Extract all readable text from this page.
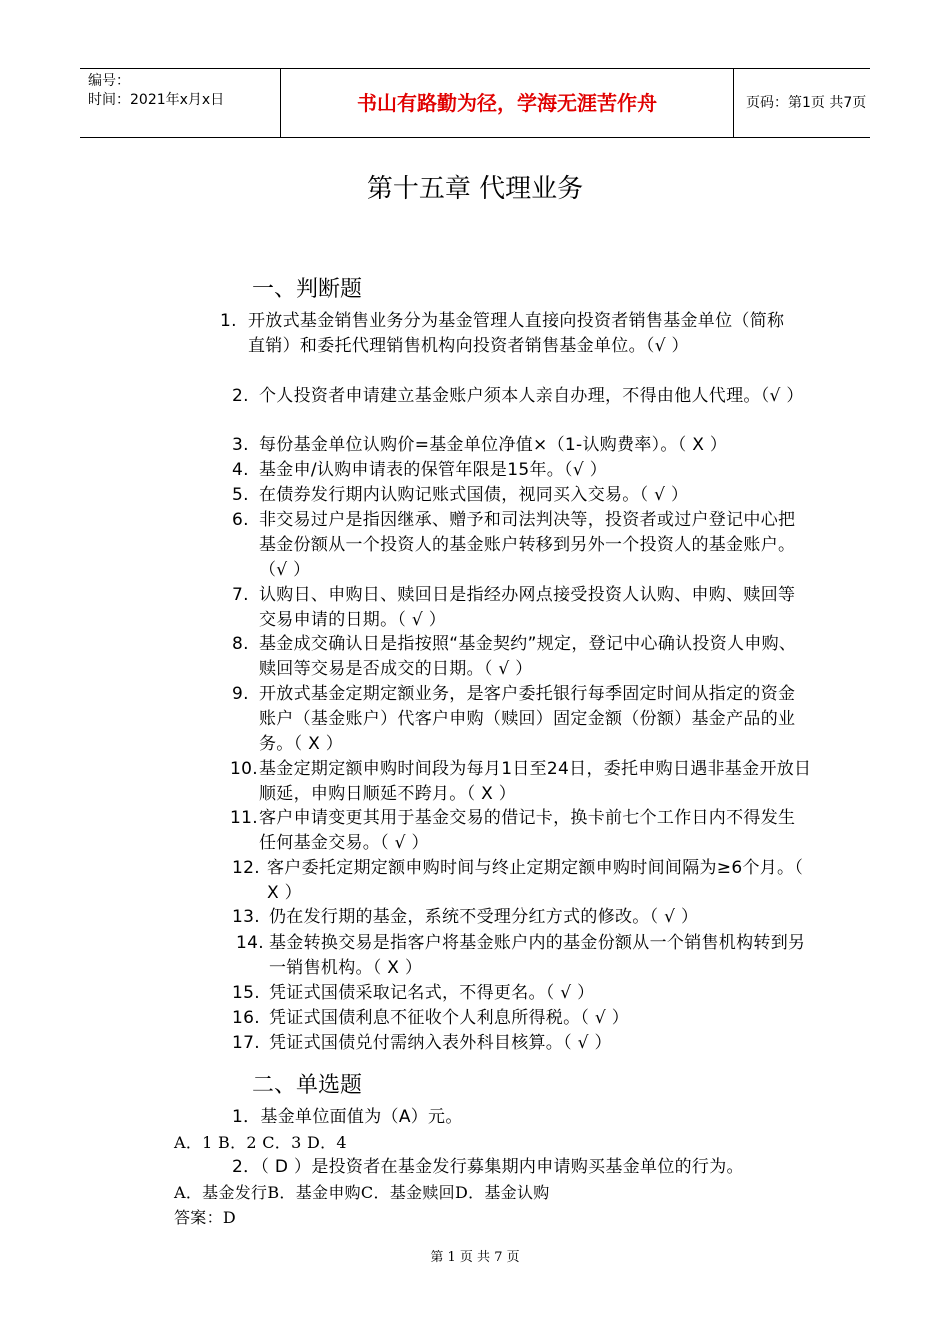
编号：
时间：2021年x月x日	书山有路勤为径，学海无涯苦作舟	页码：第1页 共7页
第十五章 代理业务
一、判断题
1. 开放式基金销售业务分为基金管理人直接向投资者销售基金单位（简称直销）和委托代理销售机构向投资者销售基金单位。（√ ）
2. 个人投资者申请建立基金账户须本人亲自办理，不得由他人代理。（√ ）
3. 每份基金单位认购价=基金单位净值×（1-认购费率）。（ X ）
4. 基金申/认购申请表的保管年限是15年。（√ ）
5. 在债券发行期内认购记账式国债，视同买入交易。（ √ ）
6. 非交易过户是指因继承、赠予和司法判决等，投资者或过户登记中心把基金份额从一个投资人的基金账户转移到另外一个投资人的基金账户。（√ ）
7. 认购日、申购日、赎回日是指经办网点接受投资人认购、申购、赎回等交易申请的日期。（ √ ）
8. 基金成交确认日是指按照“基金契约”规定，登记中心确认投资人申购、赎回等交易是否成交的日期。（ √ ）
9. 开放式基金定期定额业务，是客户委托银行每季固定时间从指定的资金账户（基金账户）代客户申购（赎回）固定金额（份额）基金产品的业务。（ X ）
10. 基金定期定额申购时间段为每月1日至24日，委托申购日遇非基金开放日顺延，申购日顺延不跨月。（ X ）
11. 客户申请变更其用于基金交易的借记卡，换卡前七个工作日内不得发生任何基金交易。（ √ ）
12. 客户委托定期定额申购时间与终止定期定额申购时间间隔为≥6个月。（ X ）
13. 仍在发行期的基金，系统不受理分红方式的修改。（ √ ）
14. 基金转换交易是指客户将基金账户内的基金份额从一个销售机构转到另一销售机构。（ X ）
15. 凭证式国债采取记名式，不得更名。（ √ ）
16. 凭证式国债利息不征收个人利息所得税。（ √ ）
17. 凭证式国债兑付需纳入表外科目核算。（ √ ）
二、单选题
1．基金单位面值为（A）元。
A．1 B．2 C．3 D．4
2．（ D ）是投资者在基金发行募集期内申请购买基金单位的行为。
A．基金发行B．基金申购C．基金赎回D．基金认购
答案：D
第 1 页 共 7 页
